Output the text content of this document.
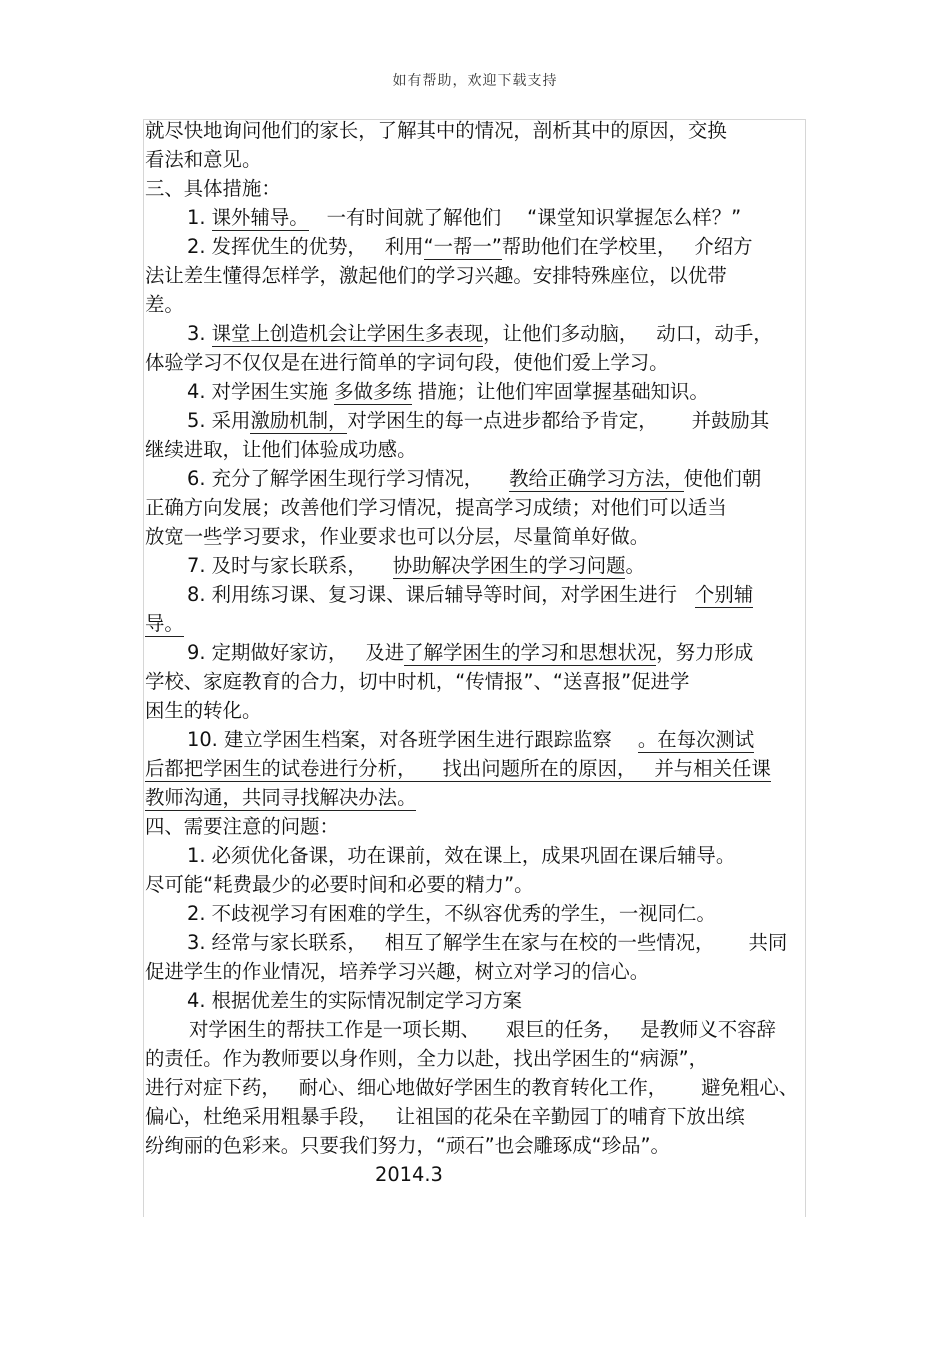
如有帮助，欢迎下载支持
就尽快地询问他们的家长，了解其中的情况，剖析其中的原因，交换
看法和意见。
三、具体措施：
1. 课外辅导。 一有时间就了解他们 “课堂知识掌握怎么样？”
2. 发挥优生的优势， 利用“一帮一”帮助他们在学校里， 介绍方
法让差生懂得怎样学，激起他们的学习兴趣。安排特殊座位，以优带
差。
3. 课堂上创造机会让学困生多表现，让他们多动脑， 动口，动手，
体验学习不仅仅是在进行简单的字词句段，使他们爱上学习。
4. 对学困生实施 多做多练 措施；让他们牢固掌握基础知识。
5. 采用激励机制，对学困生的每一点进步都给予肯定， 并鼓励其
继续进取，让他们体验成功感。
6. 充分了解学困生现行学习情况， 教给正确学习方法，使他们朝
正确方向发展；改善他们学习情况，提高学习成绩；对他们可以适当
放宽一些学习要求，作业要求也可以分层，尽量简单好做。
7. 及时与家长联系， 协助解决学困生的学习问题。
8. 利用练习课、复习课、课后辅导等时间，对学困生进行 个别辅
导。
9. 定期做好家访， 及进了解学困生的学习和思想状况，努力形成
学校、家庭教育的合力，切中时机，“传情报”、“送喜报”促进学
困生的转化。
10. 建立学困生档案，对各班学困生进行跟踪监察 。在每次测试
后都把学困生的试卷进行分析， 找出问题所在的原因， 并与相关任课
教师沟通，共同寻找解决办法。
四、需要注意的问题：
1. 必须优化备课，功在课前，效在课上，成果巩固在课后辅导。
尽可能“耗费最少的必要时间和必要的精力”。
2. 不歧视学习有困难的学生，不纵容优秀的学生，一视同仁。
3. 经常与家长联系， 相互了解学生在家与在校的一些情况， 共同
促进学生的作业情况，培养学习兴趣，树立对学习的信心。
4. 根据优差生的实际情况制定学习方案
对学困生的帮扶工作是一项长期、 艰巨的任务， 是教师义不容辞
的责任。作为教师要以身作则，全力以赴，找出学困生的“病源”，
进行对症下药， 耐心、细心地做好学困生的教育转化工作， 避免粗心、
偏心，杜绝采用粗暴手段， 让祖国的花朵在辛勤园丁的哺育下放出缤
纷绚丽的色彩来。只要我们努力，“顽石”也会雕琢成“珍品”。
2014.3
